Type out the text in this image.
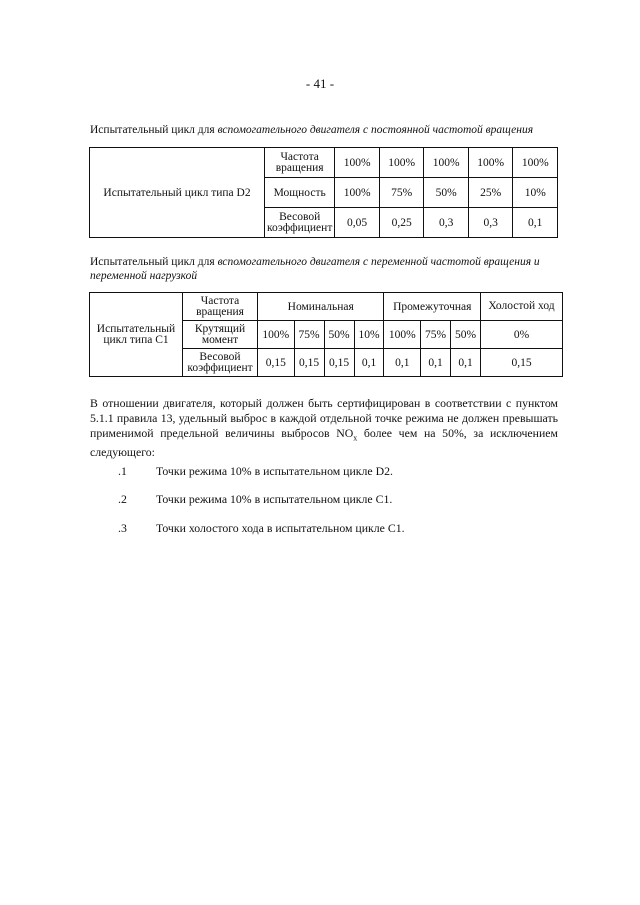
- 41 -
Испытательный цикл для вспомогательного двигателя с постоянной частотой вращения
Испытательный цикл типа D2	Частота вращения	100%	100%	100%	100%	100%
	Мощность	100%	75%	50%	25%	10%
	Весовой коэффициент	0,05	0,25	0,3	0,3	0,1
Испытательный цикл для вспомогательного двигателя с переменной частотой вращения и переменной нагрузкой
Испытательный цикл типа C1	Частота вращения	Номинальная				Промежуточная			Холостой ход
	Крутящий момент	100%	75%	50%	10%	100%	75%	50%	0%
	Весовой коэффициент	0,15	0,15	0,15	0,1	0,1	0,1	0,1	0,15
В отношении двигателя, который должен быть сертифицирован в соответствии с пунктом 5.1.1 правила 13, удельный выброс в каждой отдельной точке режима не должен превышать применимой предельной величины выбросов $NO_x$ более чем на 50%, за исключением следующего:
.1 Точки режима 10% в испытательном цикле D2.
.2 Точки режима 10% в испытательном цикле C1.
.3 Точки холостого хода в испытательном цикле C1.
